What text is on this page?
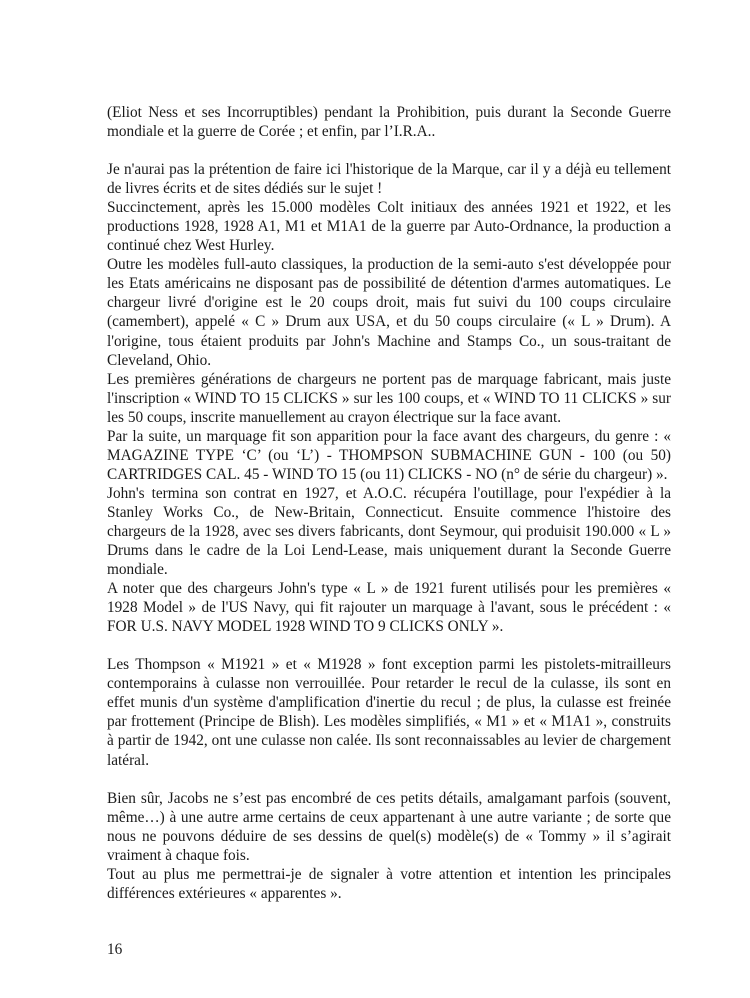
(Eliot Ness et ses Incorruptibles) pendant la Prohibition, puis durant la Seconde Guerre mondiale et la guerre de Corée ; et enfin, par l’I.R.A..

Je n'aurai pas la prétention de faire ici l'historique de la Marque, car il y a déjà eu tellement de livres écrits et de sites dédiés sur le sujet !

Succinctement, après les 15.000 modèles Colt initiaux des années 1921 et 1922, et les productions 1928, 1928 A1, M1 et M1A1 de la guerre par Auto-Ordnance, la production a continué chez West Hurley.

Outre les modèles full-auto classiques, la production de la semi-auto s'est développée pour les Etats américains ne disposant pas de possibilité de détention d'armes automatiques. Le chargeur livré d'origine est le 20 coups droit, mais fut suivi du 100 coups circulaire (camembert), appelé « C » Drum aux USA, et du 50 coups circulaire (« L » Drum). A l'origine, tous étaient produits par John's Machine and Stamps Co., un sous-traitant de Cleveland, Ohio.

Les premières générations de chargeurs ne portent pas de marquage fabricant, mais juste l'inscription « WIND TO 15 CLICKS » sur les 100 coups, et « WIND TO 11 CLICKS » sur les 50 coups, inscrite manuellement au crayon électrique sur la face avant.

Par la suite, un marquage fit son apparition pour la face avant des chargeurs, du genre : « MAGAZINE TYPE ‘C’ (ou ‘L’) - THOMPSON SUBMACHINE GUN - 100 (ou 50) CARTRIDGES CAL. 45 - WIND TO 15 (ou 11) CLICKS - NO (n° de série du chargeur) ».

John's termina son contrat en 1927, et A.O.C. récupéra l'outillage, pour l'expédier à la Stanley Works Co., de New-Britain, Connecticut. Ensuite commence l'histoire des chargeurs de la 1928, avec ses divers fabricants, dont Seymour, qui produisit 190.000 « L » Drums dans le cadre de la Loi Lend-Lease, mais uniquement durant la Seconde Guerre mondiale.

A noter que des chargeurs John's type « L » de 1921 furent utilisés pour les premières « 1928 Model » de l'US Navy, qui fit rajouter un marquage à l'avant, sous le précédent : « FOR U.S. NAVY MODEL 1928 WIND TO 9 CLICKS ONLY ».

Les Thompson « M1921 » et « M1928 » font exception parmi les pistolets-mitrailleurs contemporains à culasse non verrouillée. Pour retarder le recul de la culasse, ils sont en effet munis d'un système d'amplification d'inertie du recul ; de plus, la culasse est freinée par frottement (Principe de Blish). Les modèles simplifiés, « M1 » et « M1A1 », construits à partir de 1942, ont une culasse non calée. Ils sont reconnaissables au levier de chargement latéral.

Bien sûr, Jacobs ne s’est pas encombré de ces petits détails, amalgamant parfois (souvent, même…) à une autre arme certains de ceux appartenant à une autre variante ; de sorte que nous ne pouvons déduire de ses dessins de quel(s) modèle(s) de « Tommy » il s’agirait vraiment à chaque fois.

Tout au plus me permettrai-je de signaler à votre attention et intention les principales différences extérieures « apparentes ».

16
